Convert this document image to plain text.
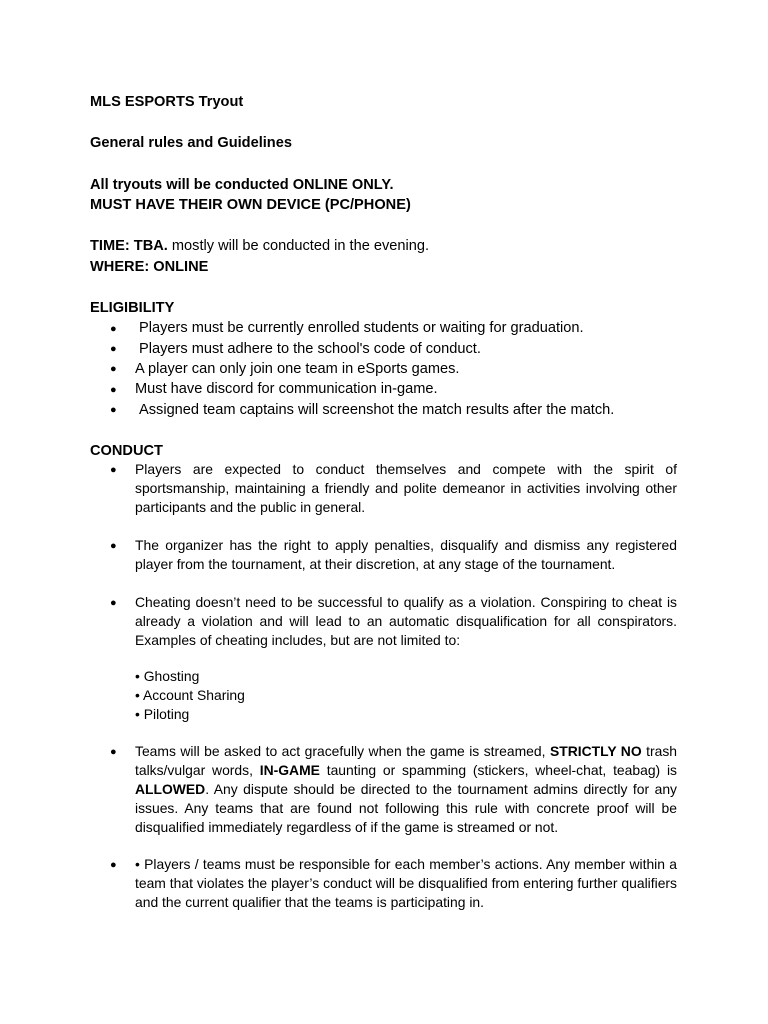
MLS ESPORTS Tryout
General rules and Guidelines
All tryouts will be conducted ONLINE ONLY.
MUST HAVE THEIR OWN DEVICE (PC/PHONE)
TIME: TBA. mostly will be conducted in the evening.
WHERE: ONLINE
ELIGIBILITY
● Players must be currently enrolled students or waiting for graduation.
● Players must adhere to the school's code of conduct.
● A player can only join one team in eSports games.
● Must have discord for communication in-game.
● Assigned team captains will screenshot the match results after the match.
CONDUCT
● Players are expected to conduct themselves and compete with the spirit of
sportsmanship, maintaining a friendly and polite demeanor in activities involving other
participants and the public in general.
● The organizer has the right to apply penalties, disqualify and dismiss any registered
player from the tournament, at their discretion, at any stage of the tournament.
● Cheating doesn’t need to be successful to qualify as a violation. Conspiring to cheat is
already a violation and will lead to an automatic disqualification for all conspirators.
Examples of cheating includes, but are not limited to:
• Ghosting
• Account Sharing
• Piloting
● Teams will be asked to act gracefully when the game is streamed, STRICTLY NO trash
talks/vulgar words, IN-GAME taunting or spamming (stickers, wheel-chat, teabag) is
ALLOWED. Any dispute should be directed to the tournament admins directly for any
issues. Any teams that are found not following this rule with concrete proof will be
disqualified immediately regardless of if the game is streamed or not.
● • Players / teams must be responsible for each member’s actions. Any member within a
team that violates the player’s conduct will be disqualified from entering further qualifiers
and the current qualifier that the teams is participating in.
